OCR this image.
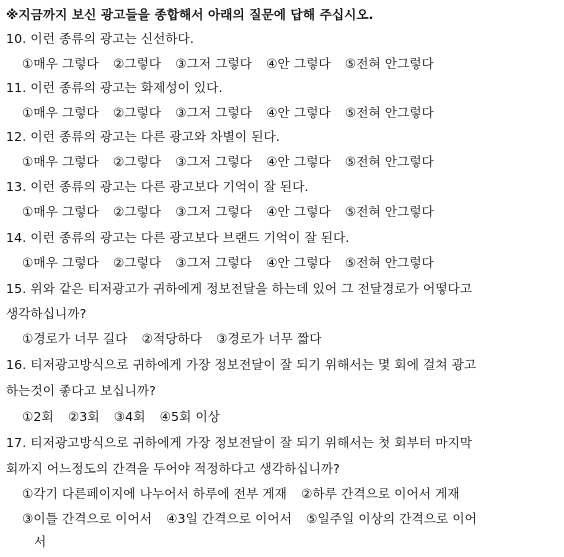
※지금까지 보신 광고들을 종합해서 아래의 질문에 답해 주십시오.
10. 이런 종류의 광고는 신선하다.
①매우 그렇다 ②그렇다 ③그저 그렇다 ④안 그렇다 ⑤전혀 안그렇다
11. 이런 종류의 광고는 화제성이 있다.
①매우 그렇다 ②그렇다 ③그저 그렇다 ④안 그렇다 ⑤전혀 안그렇다
12. 이런 종류의 광고는 다른 광고와 차별이 된다.
①매우 그렇다 ②그렇다 ③그저 그렇다 ④안 그렇다 ⑤전혀 안그렇다
13. 이런 종류의 광고는 다른 광고보다 기억이 잘 된다.
①매우 그렇다 ②그렇다 ③그저 그렇다 ④안 그렇다 ⑤전혀 안그렇다
14. 이런 종류의 광고는 다른 광고보다 브랜드 기억이 잘 된다.
①매우 그렇다 ②그렇다 ③그저 그렇다 ④안 그렇다 ⑤전혀 안그렇다
15. 위와 같은 티저광고가 귀하에게 정보전달을 하는데 있어 그 전달경로가 어떻다고
생각하십니까?
①경로가 너무 길다 ②적당하다 ③경로가 너무 짧다
16. 티저광고방식으로 귀하에게 가장 정보전달이 잘 되기 위해서는 몇 회에 걸쳐 광고
하는것이 좋다고 보십니까?
①2회 ②3회 ③4회 ④5회 이상
17. 티저광고방식으로 귀하에게 가장 정보전달이 잘 되기 위해서는 첫 회부터 마지막
회까지 어느정도의 간격을 두어야 적정하다고 생각하십니까?
①각기 다른페이지에 나누어서 하루에 전부 게재 ②하루 간격으로 이어서 게재
③이틀 간격으로 이어서 ④3일 간격으로 이어서 ⑤일주일 이상의 간격으로 이어
서
